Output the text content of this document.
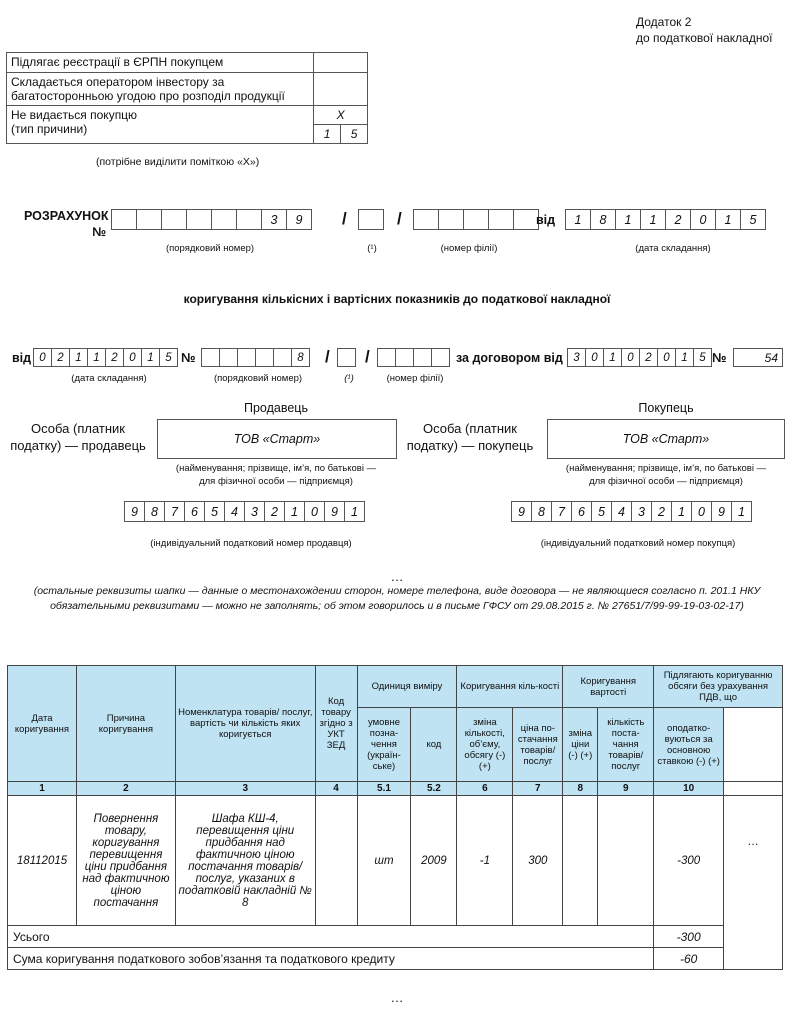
Додаток 2
до податкової накладної
Підлягає реєстрації в ЄРПН покупцем		

Складається оператором інвестору за
багатосторонньою угодою про розподіл продукції		

Не видається покупцю
(тип причини)	Х	
	1	5
(потрібне виділити поміткою «Х»)
РОЗРАХУНОК
№
3	9	/	/	від	1	8	1	1	2	0	1	5
(порядковий номер)	(¹)	(номер філії)	(дата складання)
коригування кількісних і вартісних показників до податкової накладної
від 0	2	1	1	2	0	1	5 №	8	/ /	за договором від 3	0	1	0	2	0	1	5 №	54
(дата складання)	(порядковий номер)	(¹)	(номер філії)
Продавець	Покупець
Особа (платник
податку) — продавець	ТОВ «Старт»
Особа (платник
податку) — покупець	ТОВ «Старт»
(найменування; прізвище, ім’я, по батькові —
для фізичної особи — підприємця)
(найменування; прізвище, ім’я, по батькові —
для фізичної особи — підприємця)
9	8	7	6	5	4	3	2	1	0	9	1	9	8	7	6	5	4	3	2	1	0	9	1
(індивідуальний податковий номер продавця)	(індивідуальний податковий номер покупця)
…
(остальные реквизиты шапки — данные о местонахождении сторон, номере телефона, виде договора — не являющиеся согласно п. 201.1 НКУ
обязательными реквизитами — можно не заполнять; об этом говорилось и в письме ГФСУ от 29.08.2015 г. № 27651/7/99-99-19-03-02-17)
Дата коригування	Причина коригування	Номенклатура товарів/ послуг, вартість чи кількість яких коригується	Код товару згідно з УКТ ЗЕД	Одиниця виміру		Коригування кіль-кості		Коригування вартості		Підлягають коригуванню обсяги без урахування ПДВ, що	
				умовне позна-чення (україн-ське)	код	зміна кількості, об’єму, обсягу (-) (+)	ціна по-стачання товарів/ послуг	зміна ціни (-) (+)	кількість поста-чання товарів/ послуг	оподатко-вуються за основною ставкою (-) (+)	
1	2	3	4	5.1	5.2	6	7	8	9	10	
18112015	Повернення товару, коригування перевищення ціни придбання над фактичною ціною постачання	Шафа КШ-4, перевищення ціни придбання над фактичною ціною постачання товарів/ послуг, указаних в податковій накладній № 8		шт	2009	-1	300			-300	…
Усього										-300	
Сума коригування податкового зобов’язання та податкового кредиту										-60	
…
